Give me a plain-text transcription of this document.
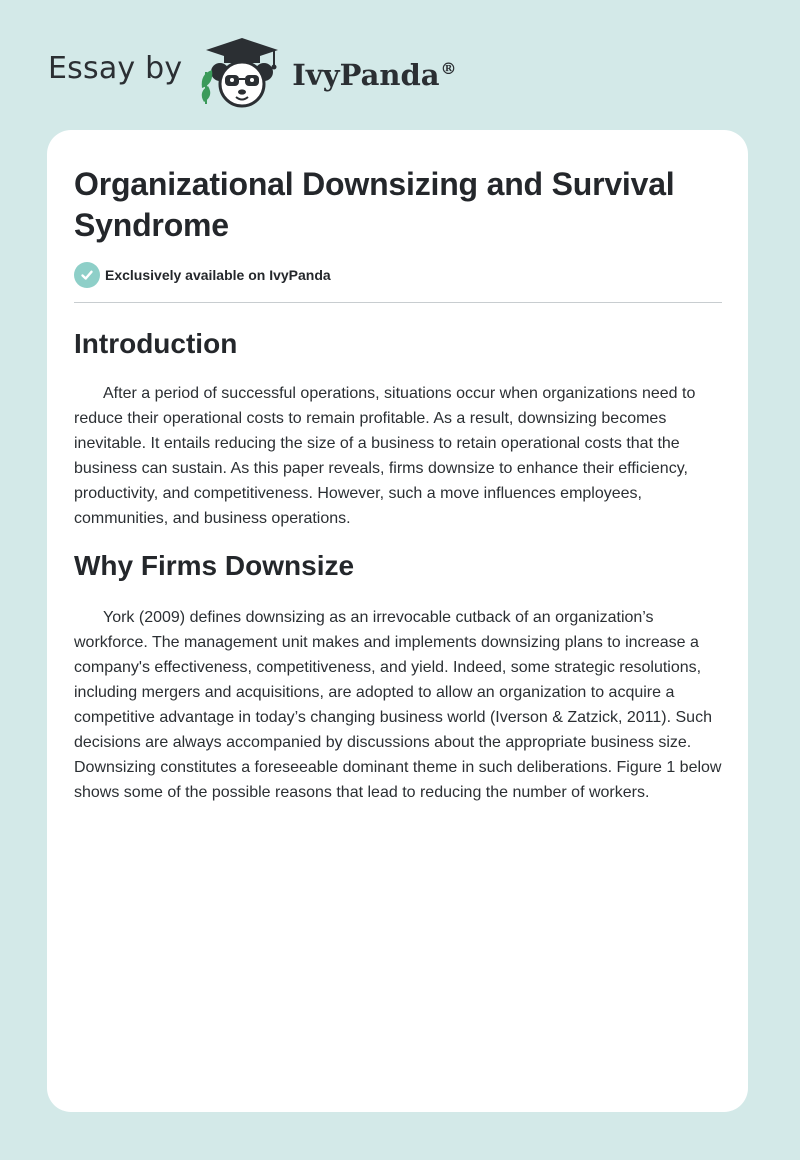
Essay by	IvyPanda®
Organizational Downsizing and Survival Syndrome
Exclusively available on IvyPanda
Introduction

After a period of successful operations, situations occur when organizations need to reduce their operational costs to remain profitable. As a result, downsizing becomes inevitable. It entails reducing the size of a business to retain operational costs that the business can sustain. As this paper reveals, firms downsize to enhance their efficiency, productivity, and competitiveness. However, such a move influences employees, communities, and business operations.

Why Firms Downsize

York (2009) defines downsizing as an irrevocable cutback of an organization’s workforce. The management unit makes and implements downsizing plans to increase a company's effectiveness, competitiveness, and yield. Indeed, some strategic resolutions, including mergers and acquisitions, are adopted to allow an organization to acquire a competitive advantage in today’s changing business world (Iverson & Zatzick, 2011). Such decisions are always accompanied by discussions about the appropriate business size. Downsizing constitutes a foreseeable dominant theme in such deliberations. Figure 1 below shows some of the possible reasons that lead to reducing the number of workers.
